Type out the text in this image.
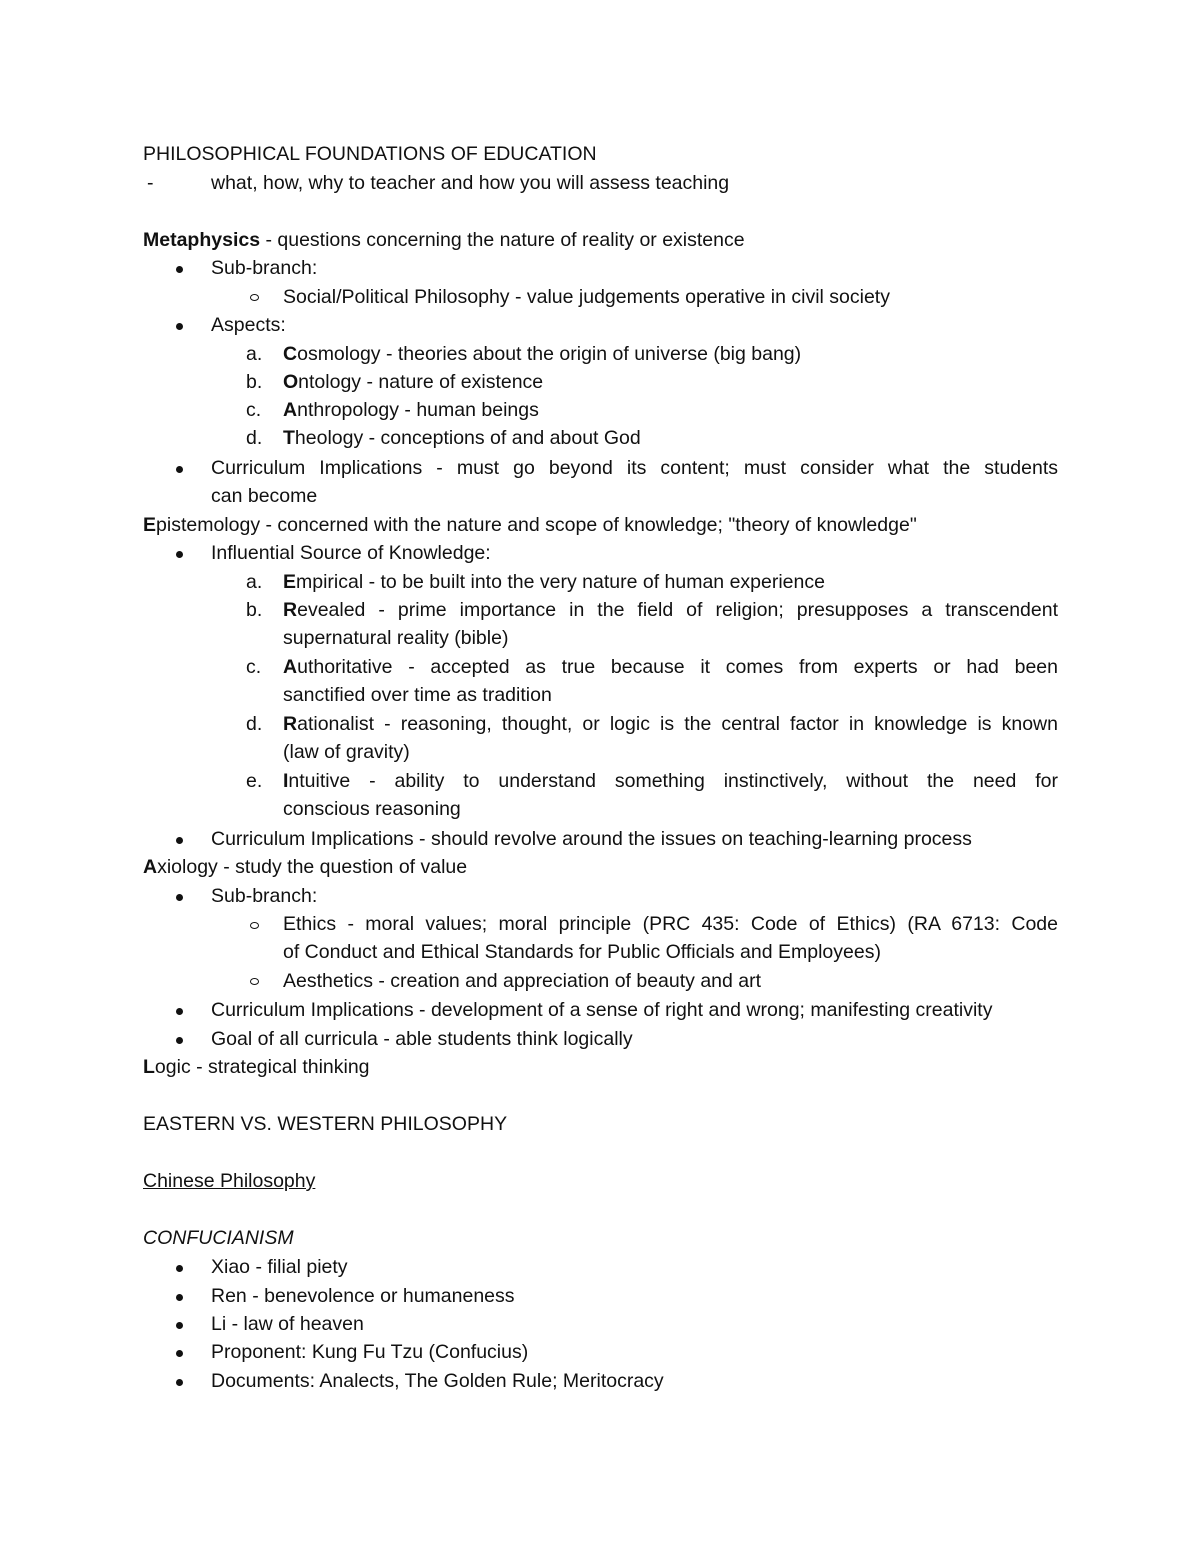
PHILOSOPHICAL FOUNDATIONS OF EDUCATION
-	what, how, why to teacher and how you will assess teaching
Metaphysics - questions concerning the nature of reality or existence
Sub-branch:
Social/Political Philosophy - value judgements operative in civil society
Aspects:
a. Cosmology - theories about the origin of universe (big bang)
b. Ontology - nature of existence
c. Anthropology - human beings
d. Theology - conceptions of and about God
Curriculum Implications - must go beyond its content; must consider what the students
can become
Epistemology - concerned with the nature and scope of knowledge; "theory of knowledge"
Influential Source of Knowledge:
a. Empirical - to be built into the very nature of human experience
b. Revealed - prime importance in the field of religion; presupposes a transcendent
supernatural reality (bible)
c. Authoritative - accepted as true because it comes from experts or had been
sanctified over time as tradition
d. Rationalist - reasoning, thought, or logic is the central factor in knowledge is known
(law of gravity)
e. Intuitive - ability to understand something instinctively, without the need for
conscious reasoning
Curriculum Implications - should revolve around the issues on teaching-learning process
Axiology - study the question of value
Sub-branch:
Ethics - moral values; moral principle (PRC 435: Code of Ethics) (RA 6713: Code
of Conduct and Ethical Standards for Public Officials and Employees)
Aesthetics - creation and appreciation of beauty and art
Curriculum Implications - development of a sense of right and wrong; manifesting creativity
Goal of all curricula - able students think logically
Logic - strategical thinking
EASTERN VS. WESTERN PHILOSOPHY
Chinese Philosophy
CONFUCIANISM
Xiao - filial piety
Ren - benevolence or humaneness
Li - law of heaven
Proponent: Kung Fu Tzu (Confucius)
Documents: Analects, The Golden Rule; Meritocracy
